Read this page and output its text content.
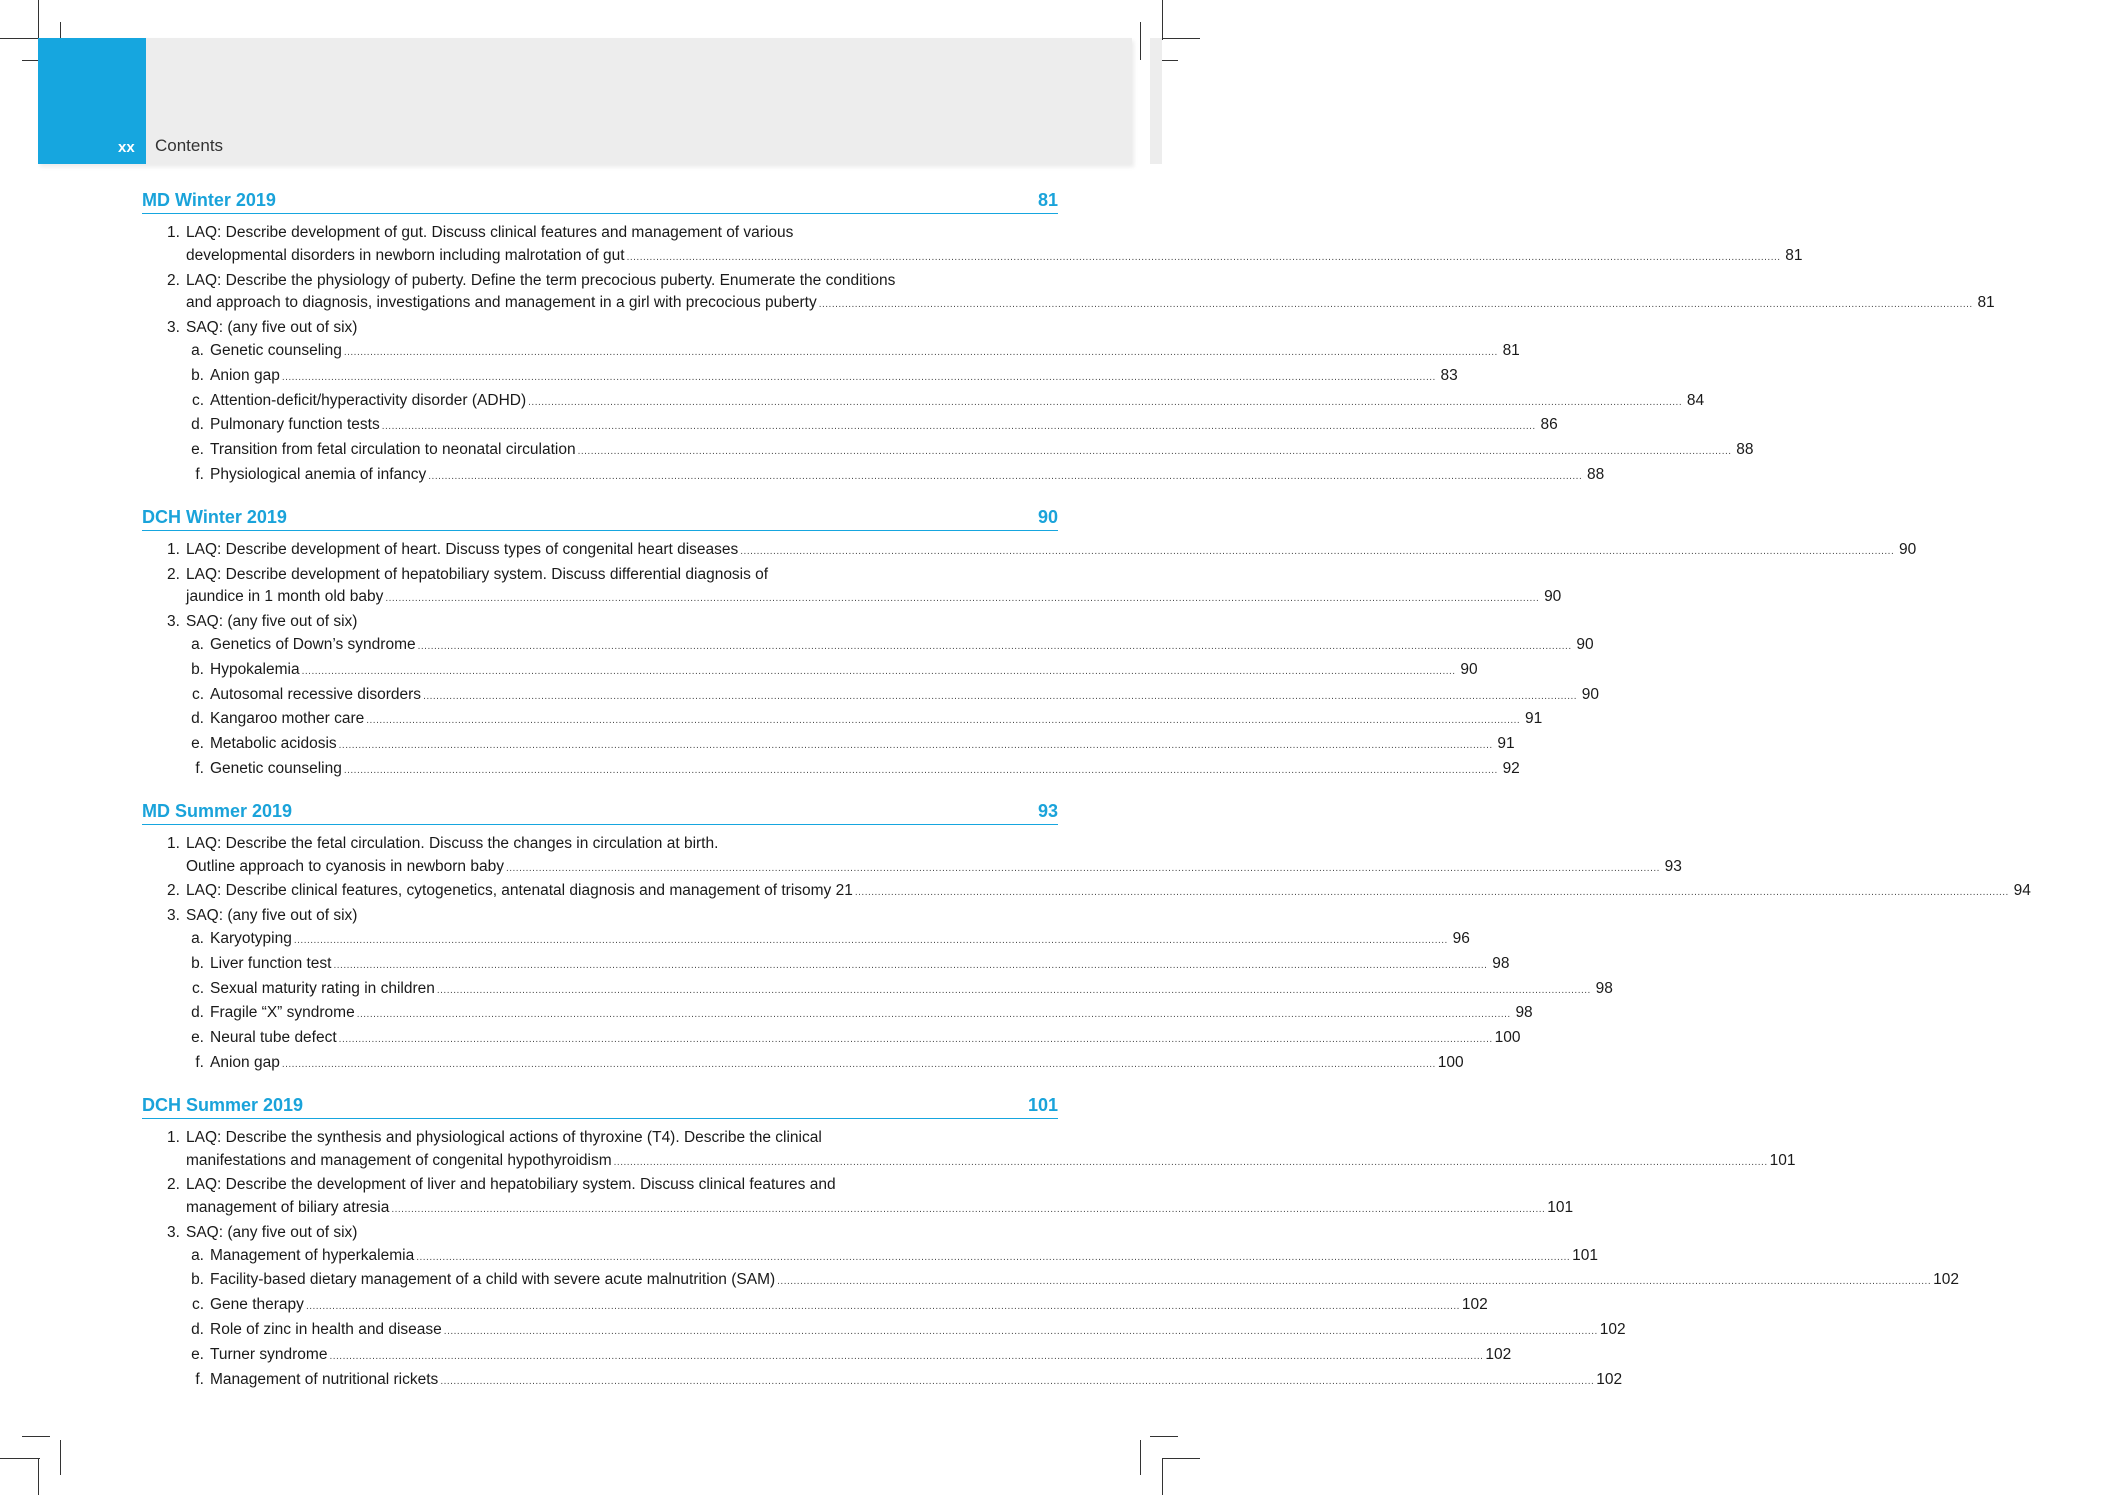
xx Contents
MD Winter 2019	81
1. LAQ: Describe development of gut. Discuss clinical features and management of various
developmental disorders in newborn including malrotation of gut .....	81
2. LAQ: Describe the physiology of puberty. Define the term precocious puberty. Enumerate the conditions
and approach to diagnosis, investigations and management in a girl with precocious puberty .....	81
3. SAQ: (any five out of six)
a. Genetic counseling .....	81
b. Anion gap .....	83
c. Attention-deficit/hyperactivity disorder (ADHD) .....	84
d. Pulmonary function tests .....	86
e. Transition from fetal circulation to neonatal circulation .....	88
f. Physiological anemia of infancy .....	88
DCH Winter 2019	90
1. LAQ: Describe development of heart. Discuss types of congenital heart diseases .....	90
2. LAQ: Describe development of hepatobiliary system. Discuss differential diagnosis of
jaundice in 1 month old baby .....	90
3. SAQ: (any five out of six)
a. Genetics of Down’s syndrome .....	90
b. Hypokalemia .....	90
c. Autosomal recessive disorders .....	90
d. Kangaroo mother care .....	91
e. Metabolic acidosis .....	91
f. Genetic counseling .....	92
MD Summer 2019	93
1. LAQ: Describe the fetal circulation. Discuss the changes in circulation at birth.
Outline approach to cyanosis in newborn baby .....	93
2. LAQ: Describe clinical features, cytogenetics, antenatal diagnosis and management of trisomy 21 .....	94
3. SAQ: (any five out of six)
a. Karyotyping .....	96
b. Liver function test .....	98
c. Sexual maturity rating in children .....	98
d. Fragile “X” syndrome .....	98
e. Neural tube defect .....	100
f. Anion gap .....	100
DCH Summer 2019	101
1. LAQ: Describe the synthesis and physiological actions of thyroxine (T4). Describe the clinical
manifestations and management of congenital hypothyroidism .....	101
2. LAQ: Describe the development of liver and hepatobiliary system. Discuss clinical features and
management of biliary atresia .....	101
3. SAQ: (any five out of six)
a. Management of hyperkalemia .....	101
b. Facility-based dietary management of a child with severe acute malnutrition (SAM) .....	102
c. Gene therapy .....	102
d. Role of zinc in health and disease .....	102
e. Turner syndrome .....	102
f. Management of nutritional rickets .....	102
